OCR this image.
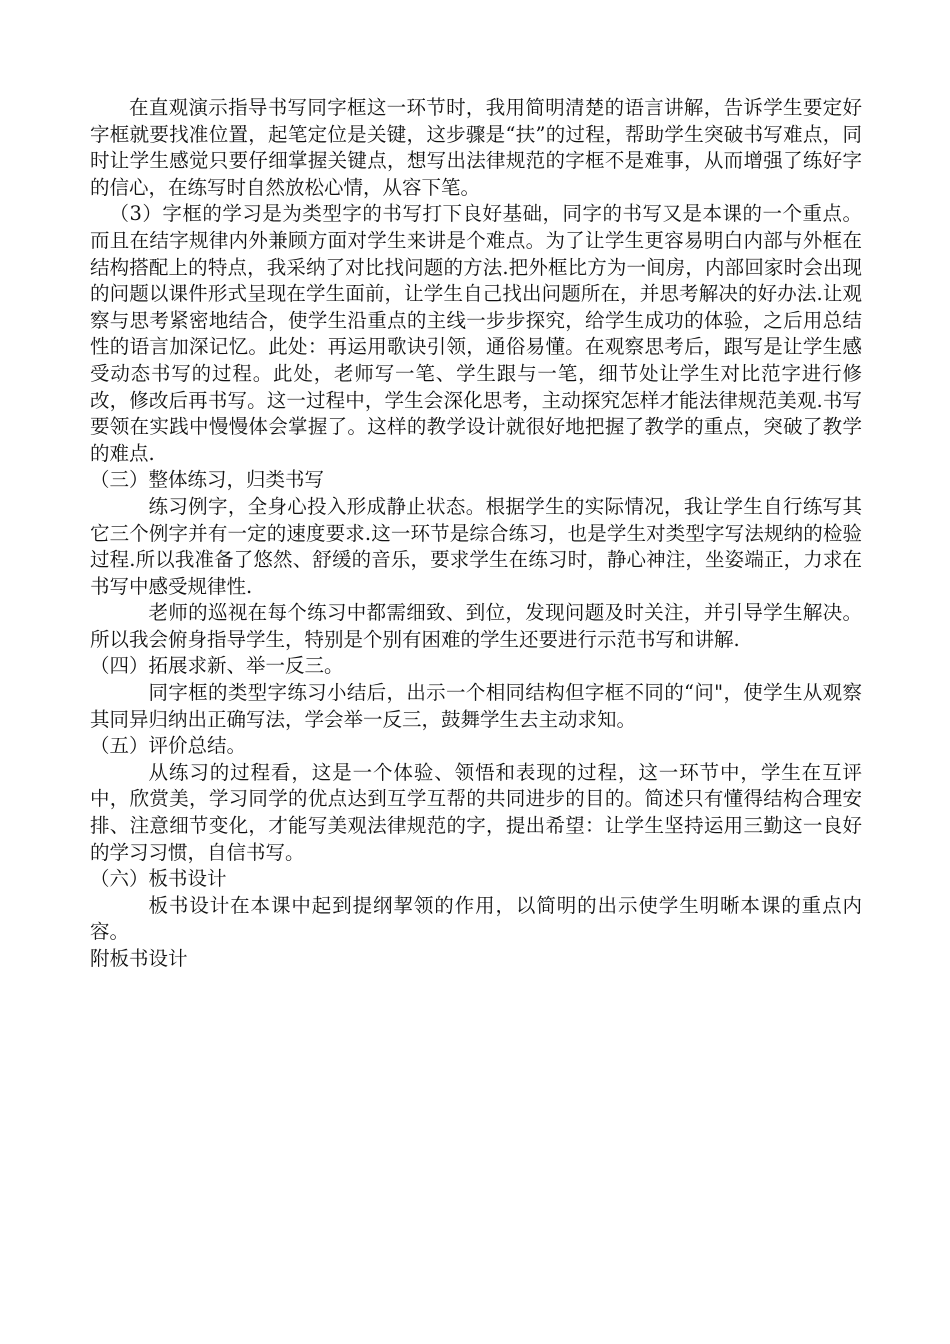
在直观演示指导书写同字框这一环节时，我用简明清楚的语言讲解，告诉学生要定好字框就要找准位置，起笔定位是关键，这步骤是“扶”的过程，帮助学生突破书写难点，同时让学生感觉只要仔细掌握关键点，想写出法律规范的字框不是难事，从而增强了练好字的信心，在练写时自然放松心情，从容下笔。

（3）字框的学习是为类型字的书写打下良好基础，同字的书写又是本课的一个重点。而且在结字规律内外兼顾方面对学生来讲是个难点。为了让学生更容易明白内部与外框在结构搭配上的特点，我采纳了对比找问题的方法.把外框比方为一间房，内部回家时会出现的问题以课件形式呈现在学生面前，让学生自己找出问题所在，并思考解决的好办法.让观察与思考紧密地结合，使学生沿重点的主线一步步探究，给学生成功的体验，之后用总结性的语言加深记忆。此处：再运用歌诀引领，通俗易懂。在观察思考后，跟写是让学生感受动态书写的过程。此处，老师写一笔、学生跟与一笔，细节处让学生对比范字进行修改，修改后再书写。这一过程中，学生会深化思考，主动探究怎样才能法律规范美观.书写要领在实践中慢慢体会掌握了。这样的教学设计就很好地把握了教学的重点，突破了教学的难点.

（三）整体练习，归类书写

练习例字，全身心投入形成静止状态。根据学生的实际情况，我让学生自行练写其它三个例字并有一定的速度要求.这一环节是综合练习，也是学生对类型字写法规纳的检验过程.所以我准备了悠然、舒缓的音乐，要求学生在练习时，静心神注，坐姿端正，力求在书写中感受规律性.

老师的巡视在每个练习中都需细致、到位，发现问题及时关注，并引导学生解决。所以我会俯身指导学生，特别是个别有困难的学生还要进行示范书写和讲解.

（四）拓展求新、举一反三。

同字框的类型字练习小结后，出示一个相同结构但字框不同的“问"，使学生从观察其同异归纳出正确写法，学会举一反三，鼓舞学生去主动求知。

（五）评价总结。

从练习的过程看，这是一个体验、领悟和表现的过程，这一环节中，学生在互评中，欣赏美，学习同学的优点达到互学互帮的共同进步的目的。简述只有懂得结构合理安排、注意细节变化，才能写美观法律规范的字，提出希望：让学生坚持运用三勤这一良好的学习习惯，自信书写。

（六）板书设计

板书设计在本课中起到提纲挈领的作用，以简明的出示使学生明晰本课的重点内容。

附板书设计
